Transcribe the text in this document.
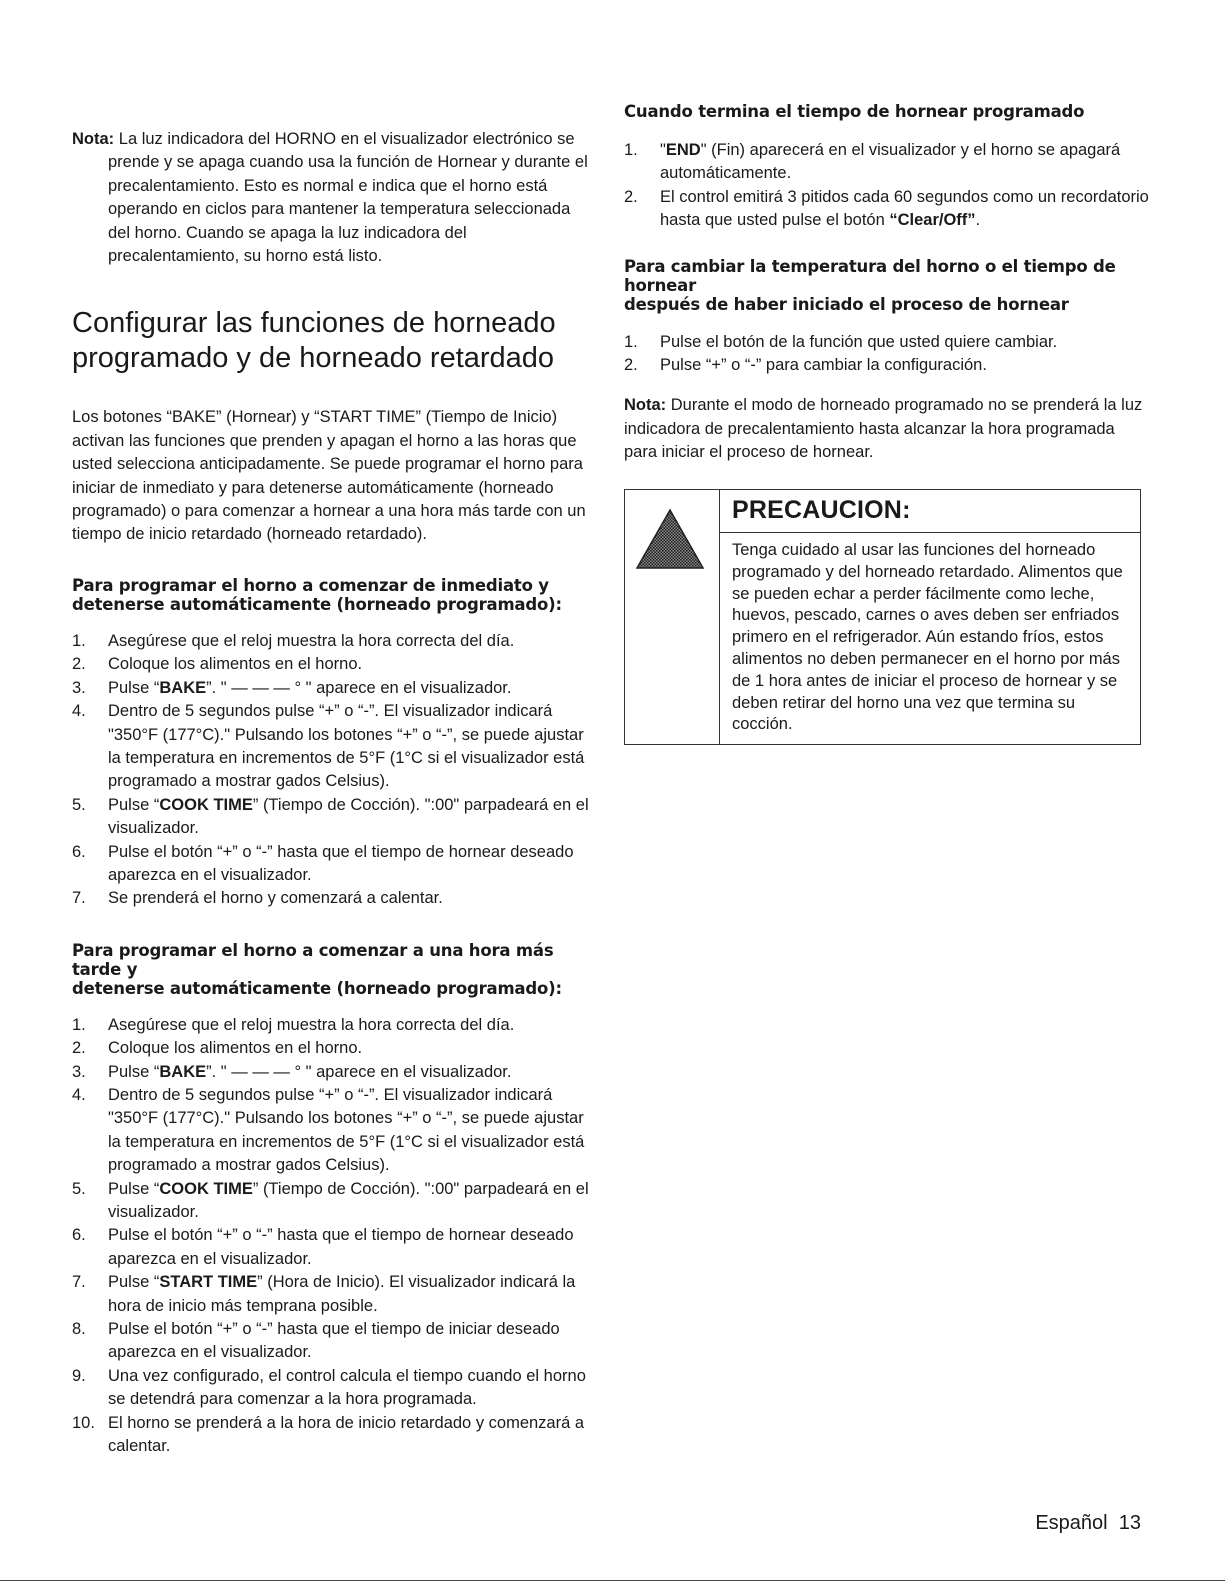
Nota: La luz indicadora del HORNO en el visualizador electrónico se prende y se apaga cuando usa la función de Hornear y durante el precalentamiento. Esto es normal e indica que el horno está operando en ciclos para mantener la temperatura seleccionada del horno. Cuando se apaga la luz indicadora del precalentamiento, su horno está listo.

Configurar las funciones de horneado
programado y de horneado retardado

Los botones “BAKE” (Hornear) y “START TIME” (Tiempo de Inicio) activan las funciones que prenden y apagan el horno a las horas que usted selecciona anticipadamente. Se puede programar el horno para iniciar de inmediato y para detenerse automáticamente (horneado programado) o para comenzar a hornear a una hora más tarde con un tiempo de inicio retardado (horneado retardado).

Para programar el horno a comenzar de inmediato y
detenerse automáticamente (horneado programado):
1. Asegúrese que el reloj muestra la hora correcta del día.
2. Coloque los alimentos en el horno.
3. Pulse “BAKE”. " — — — ° " aparece en el visualizador.
4. Dentro de 5 segundos pulse “+” o “-”. El visualizador indicará "350°F (177°C)." Pulsando los botones “+” o “-”, se puede ajustar la temperatura en incrementos de 5°F (1°C si el visualizador está programado a mostrar gados Celsius).
5. Pulse “COOK TIME” (Tiempo de Cocción). ":00" parpadeará en el visualizador.
6. Pulse el botón “+” o “-” hasta que el tiempo de hornear deseado aparezca en el visualizador.
7. Se prenderá el horno y comenzará a calentar.
Para programar el horno a comenzar a una hora más tarde y
detenerse automáticamente (horneado programado):
1. Asegúrese que el reloj muestra la hora correcta del día.
2. Coloque los alimentos en el horno.
3. Pulse “BAKE”. " — — — ° " aparece en el visualizador.
4. Dentro de 5 segundos pulse “+” o “-”. El visualizador indicará "350°F (177°C)." Pulsando los botones “+” o “-”, se puede ajustar la temperatura en incrementos de 5°F (1°C si el visualizador está programado a mostrar gados Celsius).
5. Pulse “COOK TIME” (Tiempo de Cocción). ":00" parpadeará en el visualizador.
6. Pulse el botón “+” o “-” hasta que el tiempo de hornear deseado aparezca en el visualizador.
7. Pulse “START TIME” (Hora de Inicio). El visualizador indicará la hora de inicio más temprana posible.
8. Pulse el botón “+” o “-” hasta que el tiempo de iniciar deseado aparezca en el visualizador.
9. Una vez configurado, el control calcula el tiempo cuando el horno se detendrá para comenzar a la hora programada.
10. El horno se prenderá a la hora de inicio retardado y comenzará a calentar.
Cuando termina el tiempo de hornear programado
1. "END" (Fin) aparecerá en el visualizador y el horno se apagará automáticamente.
2. El control emitirá 3 pitidos cada 60 segundos como un recordatorio hasta que usted pulse el botón “Clear/Off”.
Para cambiar la temperatura del horno o el tiempo de hornear
después de haber iniciado el proceso de hornear
1. Pulse el botón de la función que usted quiere cambiar.
2. Pulse “+” o “-” para cambiar la configuración.

Nota: Durante el modo de horneado programado no se prenderá la luz indicadora de precalentamiento hasta alcanzar la hora programada para iniciar el proceso de hornear.

PRECAUCION:

Tenga cuidado al usar las funciones del horneado programado y del horneado retardado. Alimentos que se pueden echar a perder fácilmente como leche, huevos, pescado, carnes o aves deben ser enfriados primero en el refrigerador. Aún estando fríos, estos alimentos no deben permanecer en el horno por más de 1 hora antes de iniciar el proceso de hornear y se deben retirar del horno una vez que termina su cocción.

Español 13
